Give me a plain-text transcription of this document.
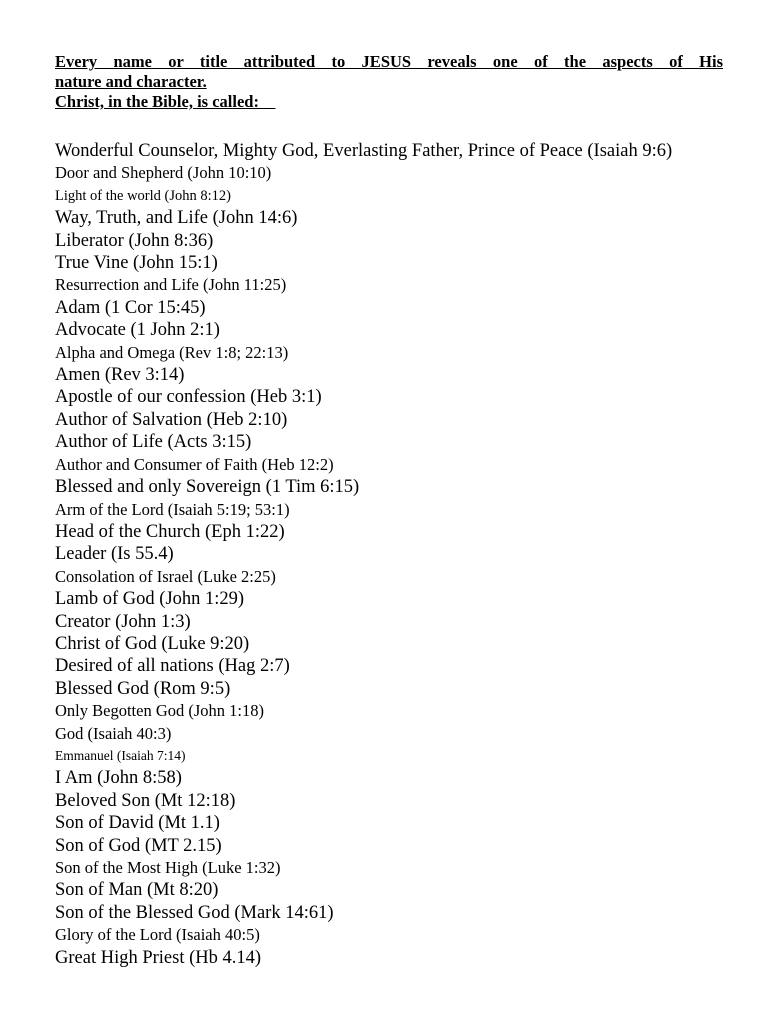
Every name or title attributed to JESUS reveals one of the aspects of His
nature and character.
Christ, in the Bible, is called:
Wonderful Counselor, Mighty God, Everlasting Father, Prince of Peace (Isaiah 9:6)
Door and Shepherd (John 10:10)
Light of the world (John 8:12)
Way, Truth, and Life (John 14:6)
Liberator (John 8:36)
True Vine (John 15:1)
Resurrection and Life (John 11:25)
Adam (1 Cor 15:45)
Advocate (1 John 2:1)
Alpha and Omega (Rev 1:8; 22:13)
Amen (Rev 3:14)
Apostle of our confession (Heb 3:1)
Author of Salvation (Heb 2:10)
Author of Life (Acts 3:15)
Author and Consumer of Faith (Heb 12:2)
Blessed and only Sovereign (1 Tim 6:15)
Arm of the Lord (Isaiah 5:19; 53:1)
Head of the Church (Eph 1:22)
Leader (Is 55.4)
Consolation of Israel (Luke 2:25)
Lamb of God (John 1:29)
Creator (John 1:3)
Christ of God (Luke 9:20)
Desired of all nations (Hag 2:7)
Blessed God (Rom 9:5)
Only Begotten God (John 1:18)
God (Isaiah 40:3)
Emmanuel (Isaiah 7:14)
I Am (John 8:58)
Beloved Son (Mt 12:18)
Son of David (Mt 1.1)
Son of God (MT 2.15)
Son of the Most High (Luke 1:32)
Son of Man (Mt 8:20)
Son of the Blessed God (Mark 14:61)
Glory of the Lord (Isaiah 40:5)
Great High Priest (Hb 4.14)
